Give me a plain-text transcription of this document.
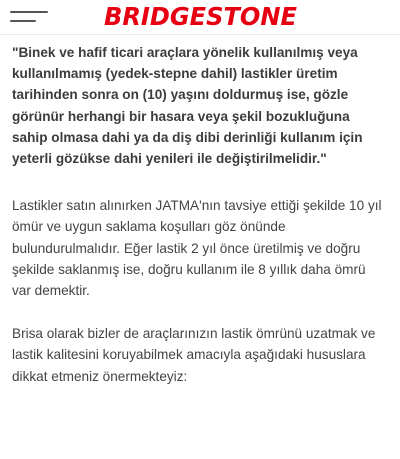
BRIDGESTONE

"Binek ve hafif ticari araçlara yönelik kullanılmış veya kullanılmamış (yedek-stepne dahil) lastikler üretim tarihinden sonra on (10) yaşını doldurmuş ise, gözle görünür herhangi bir hasara veya şekil bozukluğuna sahip olmasa dahi ya da diş dibi derinliği kullanım için yeterli gözükse dahi yenileri ile değiştirilmelidir."

Lastikler satın alınırken JATMA'nın tavsiye ettiği şekilde 10 yıl ömür ve uygun saklama koşulları göz önünde bulundurulmalıdır. Eğer lastik 2 yıl önce üretilmiş ve doğru şekilde saklanmış ise, doğru kullanım ile 8 yıllık daha ömrü var demektir.

Brisa olarak bizler de araçlarınızın lastik ömrünü uzatmak ve lastik kalitesini koruyabilmek amacıyla aşağıdaki hususlara dikkat etmeniz önermekteyiz:
